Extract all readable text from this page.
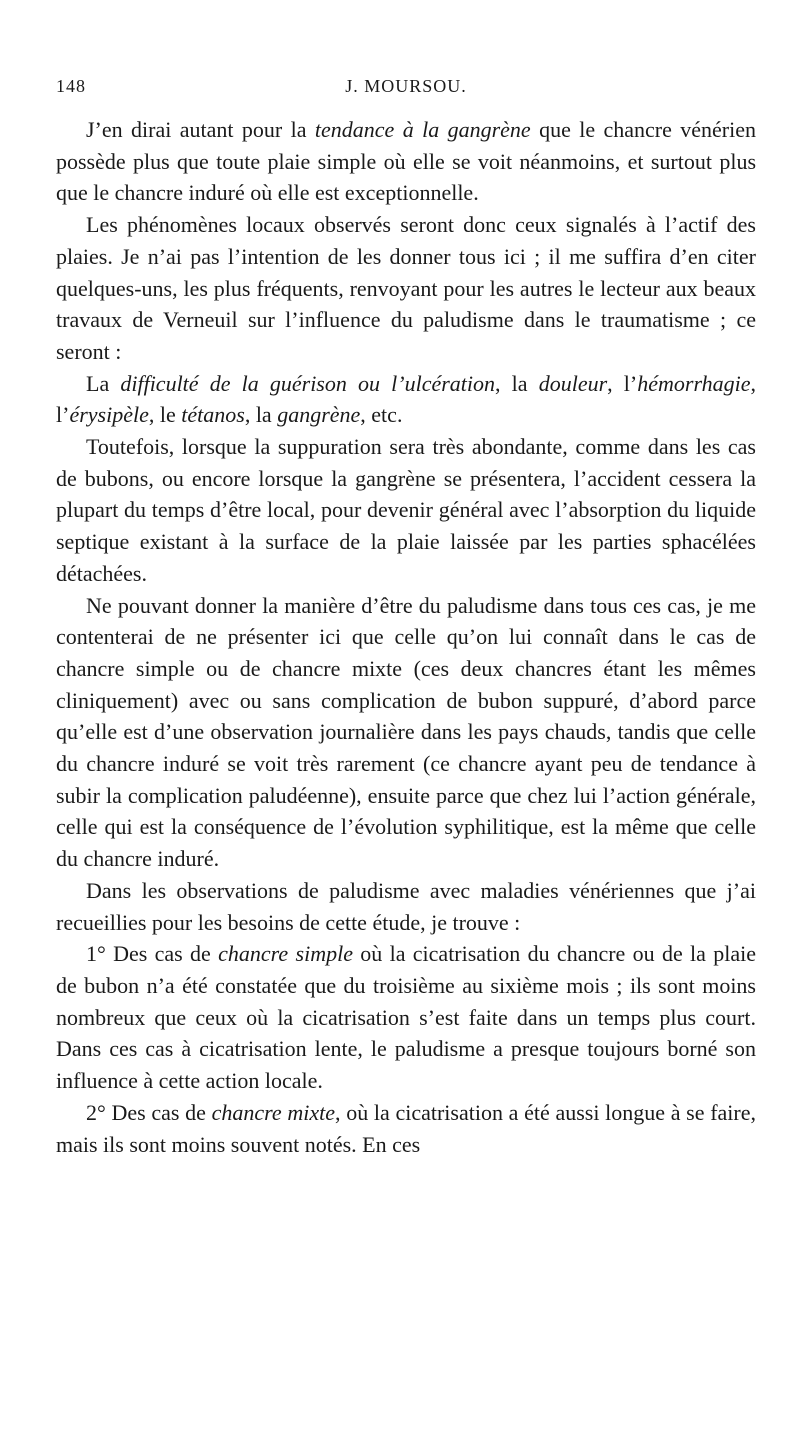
148	J. MOURSOU.

J’en dirai autant pour la tendance à la gangrène que le chancre vénérien possède plus que toute plaie simple où elle se voit néanmoins, et surtout plus que le chancre induré où elle est exceptionnelle.

Les phénomènes locaux observés seront donc ceux signalés à l’actif des plaies. Je n’ai pas l’intention de les donner tous ici ; il me suffira d’en citer quelques-uns, les plus fréquents, renvoyant pour les autres le lecteur aux beaux travaux de Verneuil sur l’influence du paludisme dans le traumatisme ; ce seront :

La difficulté de la guérison ou l’ulcération, la douleur, l’hémorrhagie, l’érysipèle, le tétanos, la gangrène, etc.

Toutefois, lorsque la suppuration sera très abondante, comme dans les cas de bubons, ou encore lorsque la gangrène se présentera, l’accident cessera la plupart du temps d’être local, pour devenir général avec l’absorption du liquide septique existant à la surface de la plaie laissée par les parties sphacélées détachées.

Ne pouvant donner la manière d’être du paludisme dans tous ces cas, je me contenterai de ne présenter ici que celle qu’on lui connaît dans le cas de chancre simple ou de chancre mixte (ces deux chancres étant les mêmes cliniquement) avec ou sans complication de bubon suppuré, d’abord parce qu’elle est d’une observation journalière dans les pays chauds, tandis que celle du chancre induré se voit très rarement (ce chancre ayant peu de tendance à subir la complication paludéenne), ensuite parce que chez lui l’action générale, celle qui est la conséquence de l’évolution syphilitique, est la même que celle du chancre induré.

Dans les observations de paludisme avec maladies vénériennes que j’ai recueillies pour les besoins de cette étude, je trouve :

1° Des cas de chancre simple où la cicatrisation du chancre ou de la plaie de bubon n’a été constatée que du troisième au sixième mois ; ils sont moins nombreux que ceux où la cicatrisation s’est faite dans un temps plus court. Dans ces cas à cicatrisation lente, le paludisme a presque toujours borné son influence à cette action locale.

2° Des cas de chancre mixte, où la cicatrisation a été aussi longue à se faire, mais ils sont moins souvent notés. En ces
